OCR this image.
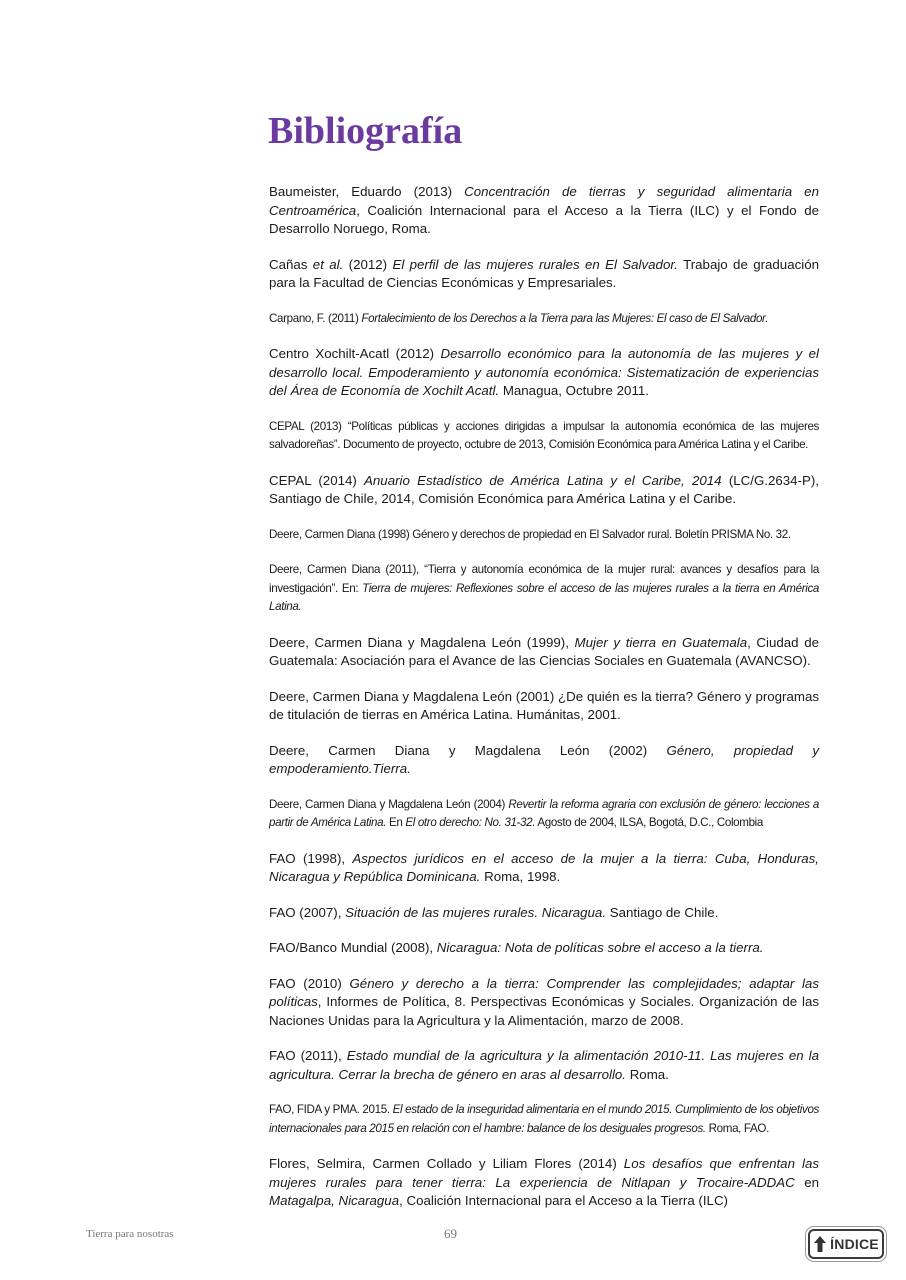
Bibliografía
Baumeister, Eduardo (2013) Concentración de tierras y seguridad alimentaria en Centroamérica, Coalición Internacional para el Acceso a la Tierra (ILC) y el Fondo de Desarrollo Noruego, Roma.
Cañas et al. (2012) El perfil de las mujeres rurales en El Salvador. Trabajo de graduación para la Facultad de Ciencias Económicas y Empresariales.
Carpano, F. (2011) Fortalecimiento de los Derechos a la Tierra para las Mujeres: El caso de El Salvador.
Centro Xochilt-Acatl (2012) Desarrollo económico para la autonomía de las mujeres y el desarrollo local. Empoderamiento y autonomía económica: Sistematización de experiencias del Área de Economía de Xochilt Acatl. Managua, Octubre 2011.
CEPAL (2013) “Políticas públicas y acciones dirigidas a impulsar la autonomía económica de las mujeres salvadoreñas”. Documento de proyecto, octubre de 2013, Comisión Económica para América Latina y el Caribe.
CEPAL (2014) Anuario Estadístico de América Latina y el Caribe, 2014 (LC/G.2634-P), Santiago de Chile, 2014, Comisión Económica para América Latina y el Caribe.
Deere, Carmen Diana (1998) Género y derechos de propiedad en El Salvador rural. Boletín PRISMA No. 32.
Deere, Carmen Diana (2011), “Tierra y autonomía económica de la mujer rural: avances y desafíos para la investigación”. En: Tierra de mujeres: Reflexiones sobre el acceso de las mujeres rurales a la tierra en América Latina.
Deere, Carmen Diana y Magdalena León (1999), Mujer y tierra en Guatemala, Ciudad de Guatemala: Asociación para el Avance de las Ciencias Sociales en Guatemala (AVANCSO).
Deere, Carmen Diana y Magdalena León (2001) ¿De quién es la tierra? Género y programas de titulación de tierras en América Latina. Humánitas, 2001.
Deere, Carmen Diana y Magdalena León (2002) Género, propiedad y empoderamiento.Tierra.
Deere, Carmen Diana y Magdalena León (2004) Revertir la reforma agraria con exclusión de género: lecciones a partir de América Latina. En El otro derecho: No. 31-32. Agosto de 2004, ILSA, Bogotá, D.C., Colombia
FAO (1998), Aspectos jurídicos en el acceso de la mujer a la tierra: Cuba, Honduras, Nicaragua y República Dominicana. Roma, 1998.
FAO (2007), Situación de las mujeres rurales. Nicaragua. Santiago de Chile.
FAO/Banco Mundial (2008), Nicaragua: Nota de políticas sobre el acceso a la tierra.
FAO (2010) Género y derecho a la tierra: Comprender las complejidades; adaptar las políticas, Informes de Política, 8. Perspectivas Económicas y Sociales. Organización de las Naciones Unidas para la Agricultura y la Alimentación, marzo de 2008.
FAO (2011), Estado mundial de la agricultura y la alimentación 2010-11. Las mujeres en la agricultura. Cerrar la brecha de género en aras al desarrollo. Roma.
FAO, FIDA y PMA. 2015. El estado de la inseguridad alimentaria en el mundo 2015. Cumplimiento de los objetivos internacionales para 2015 en relación con el hambre: balance de los desiguales progresos. Roma, FAO.
Flores, Selmira, Carmen Collado y Liliam Flores (2014) Los desafíos que enfrentan las mujeres rurales para tener tierra: La experiencia de Nitlapan y Trocaire-ADDAC en Matagalpa, Nicaragua, Coalición Internacional para el Acceso a la Tierra (ILC)
Tierra para nosotras	69
ÍNDICE
